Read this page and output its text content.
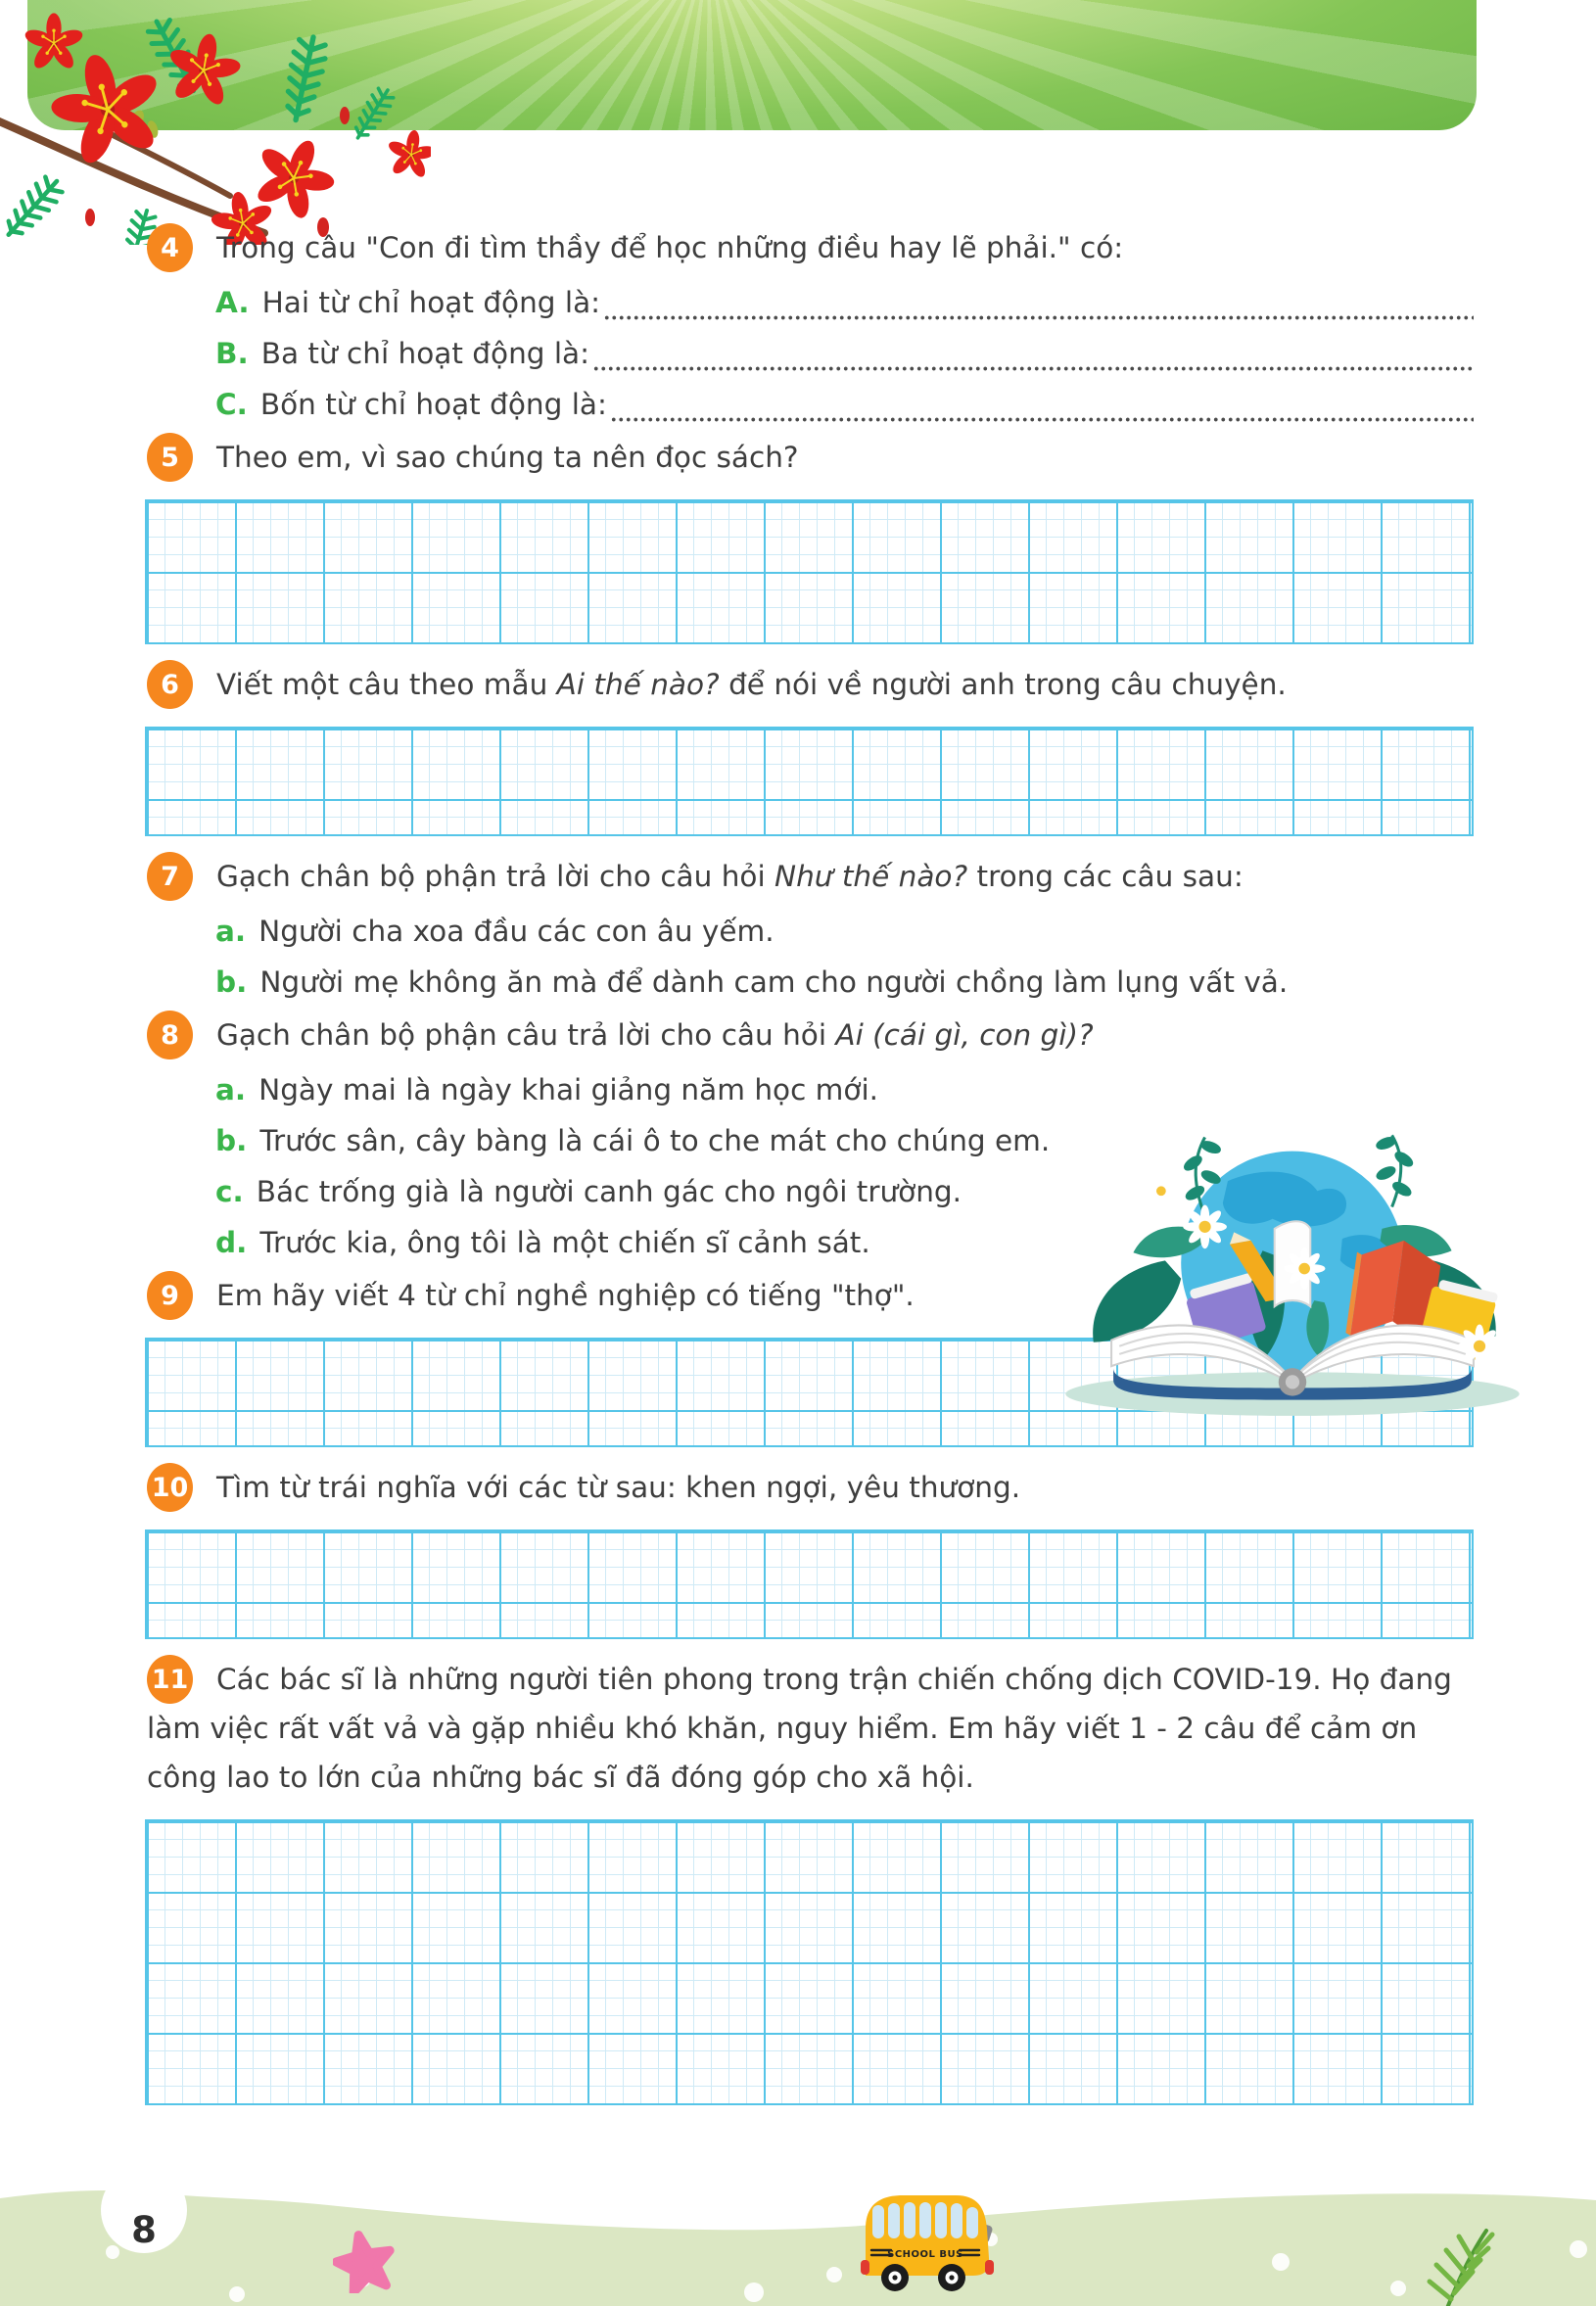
4	Trong câu "Con đi tìm thầy để học những điều hay lẽ phải." có:
A. Hai từ chỉ hoạt động là:
B. Ba từ chỉ hoạt động là:
C. Bốn từ chỉ hoạt động là:
5	Theo em, vì sao chúng ta nên đọc sách?
6	Viết một câu theo mẫu Ai thế nào? để nói về người anh trong câu chuyện.
7	Gạch chân bộ phận trả lời cho câu hỏi Như thế nào? trong các câu sau:
a. Người cha xoa đầu các con âu yếm.
b. Người mẹ không ăn mà để dành cam cho người chồng làm lụng vất vả.
8	Gạch chân bộ phận câu trả lời cho câu hỏi Ai (cái gì, con gì)?
a. Ngày mai là ngày khai giảng năm học mới.
b. Trước sân, cây bàng là cái ô to che mát cho chúng em.
c. Bác trống già là người canh gác cho ngôi trường.
d. Trước kia, ông tôi là một chiến sĩ cảnh sát.
9	Em hãy viết 4 từ chỉ nghề nghiệp có tiếng "thợ".
10 Tìm từ trái nghĩa với các từ sau: khen ngợi, yêu thương.
11 Các bác sĩ là những người tiên phong trong trận chiến chống dịch COVID-19. Họ đang làm việc rất vất vả và gặp nhiều khó khăn, nguy hiểm. Em hãy viết 1 - 2 câu để cảm ơn công lao to lớn của những bác sĩ đã đóng góp cho xã hội.
SCHOOL BUS
8
